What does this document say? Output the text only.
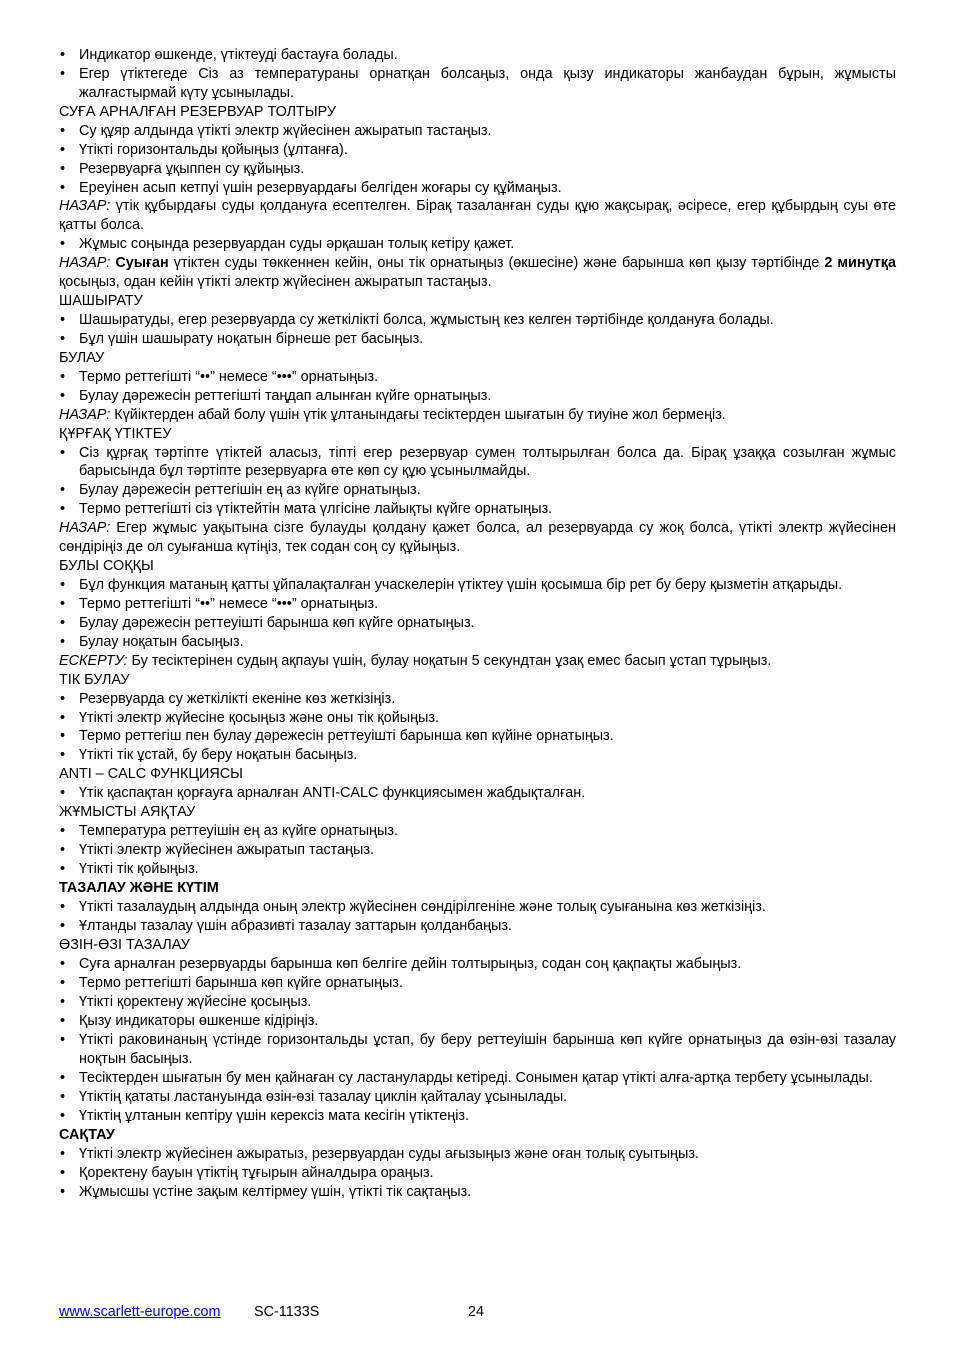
• Индикатор өшкенде, үтіктеуді бастауға болады.
• Егер үтіктегеде Сіз аз температураны орнатқан болсаңыз, онда қызу индикаторы жанбаудан бұрын, жұмысты жалғастырмай күту ұсынылады.
СУҒА АРНАЛҒАН РЕЗЕРВУАР ТОЛТЫРУ
• Су құяр алдында үтікті электр жүйесінен ажыратып тастаңыз.
• Үтікті горизонтальды қойыңыз (ұлтанға).
• Резервуарға ұқыппен су құйыңыз.
• Ереуінен асып кетпуі үшін резервуардағы белгіден жоғары су құймаңыз.
НАЗАР: үтік құбырдағы суды қолдануға есептелген. Бірақ тазаланған суды құю жақсырақ, әсіресе, егер құбырдың суы өте қатты болса.
• Жұмыс соңында резервуардан суды әрқашан толық кетіру қажет.
НАЗАР: Суыған үтіктен суды төккеннен кейін, оны тік орнатыңыз (өкшесіне) және барынша көп қызу тәртібінде 2 минутқа қосыңыз, одан кейін үтікті электр жүйесінен ажыратып тастаңыз.
ШАШЫРАТУ
• Шашыратуды, егер резервуарда су жеткілікті болса, жұмыстың кез келген тәртібінде қолдануға болады.
• Бұл үшін шашырату ноқатын бірнеше рет басыңыз.
БУЛАУ
• Термо реттегішті “••” немесе “•••” орнатыңыз.
• Булау дәрежесін реттегішті таңдап алынған күйге орнатыңыз.
НАЗАР: Күйіктерден абай болу үшін үтік ұлтанындағы тесіктерден шығатын бу тиуіне жол бермеңіз.
ҚҰРҒАҚ ҮТІКТЕУ
• Сіз құрғақ тәртіпте үтіктей аласыз, тіпті егер резервуар сумен толтырылған болса да. Бірақ ұзаққа созылған жұмыс барысында бұл тәртіпте резервуарға өте көп су құю ұсынылмайды.
• Булау дәрежесін реттегішін ең аз күйге орнатыңыз.
• Термо реттегішті сіз үтіктейтін мата үлгісіне лайықты күйге орнатыңыз.
НАЗАР: Егер жұмыс уақытына сізге булауды қолдану қажет болса, ал резервуарда су жоқ болса, үтікті электр жүйесінен сөндіріңіз де ол суығанша күтіңіз, тек содан соң су құйыңыз.
БУЛЫ СОҚҚЫ
• Бұл функция матаның қатты ұйпалақталған учаскелерін үтіктеу үшін қосымша бір рет бу беру қызметін атқарыды.
• Термо реттегішті “••” немесе “•••” орнатыңыз.
• Булау дәрежесін реттеуішті барынша көп күйге орнатыңыз.
• Булау ноқатын басыңыз.
ЕСКЕРТУ: Бу тесіктерінен судың ақпауы үшін, булау ноқатын 5 секундтан ұзақ емес басып ұстап тұрыңыз.
ТІК БУЛАУ
• Резервуарда су жеткілікті екеніне көз жеткізіңіз.
• Үтікті электр жүйесіне қосыңыз және оны тік қойыңыз.
• Термо реттегіш пен булау дәрежесін реттеуішті барынша көп күйіне орнатыңыз.
• Үтікті тік ұстай, бу беру ноқатын басыңыз.
ANTI – CALC ФУНКЦИЯСЫ
• Үтік қаспақтан қорғауға арналған ANTI-CALC функциясымен жабдықталған.
ЖҰМЫСТЫ АЯҚТАУ
• Температура реттеуішін ең аз күйге орнатыңыз.
• Үтікті электр жүйесінен ажыратып тастаңыз.
• Үтікті тік қойыңыз.
ТАЗАЛАУ ЖӘНЕ КҮТІМ
• Үтікті тазалаудың алдында оның электр жүйесінен сөндірілгеніне және толық суығанына көз жеткізіңіз.
• Ұлтанды тазалау үшін абразивті тазалау заттарын қолданбаңыз.
ӨЗІН-ӨЗІ ТАЗАЛАУ
• Суға арналған резервуарды барынша көп белгіге дейін толтырыңыз, содан соң қақпақты жабыңыз.
• Термо реттегішті барынша көп күйге орнатыңыз.
• Үтікті қоректену жүйесіне қосыңыз.
• Қызу индикаторы өшкенше кідіріңіз.
• Үтікті раковинаның үстінде горизонтальды ұстап, бу беру реттеуішін барынша көп күйге орнатыңыз да өзін-өзі тазалау ноқтын басыңыз.
• Тесіктерден шығатын бу мен қайнаған су ластануларды кетіреді. Сонымен қатар үтікті алға-артқа тербету ұсынылады.
• Үтіктің қататы ластануында өзін-өзі тазалау циклін қайталау ұсынылады.
• Үтіктің ұлтанын кептіру үшін керексіз мата кесігін үтіктеңіз.
САҚТАУ
• Үтікті электр жүйесінен ажыратыз, резервуардан суды ағызыңыз және оған толық суытыңыз.
• Қоректену бауын үтіктің тұғырын айналдыра ораңыз.
• Жұмысшы үстіне зақым келтірмеу үшін, үтікті тік сақтаңыз.
www.scarlett-europe.com SC-1133S	24
